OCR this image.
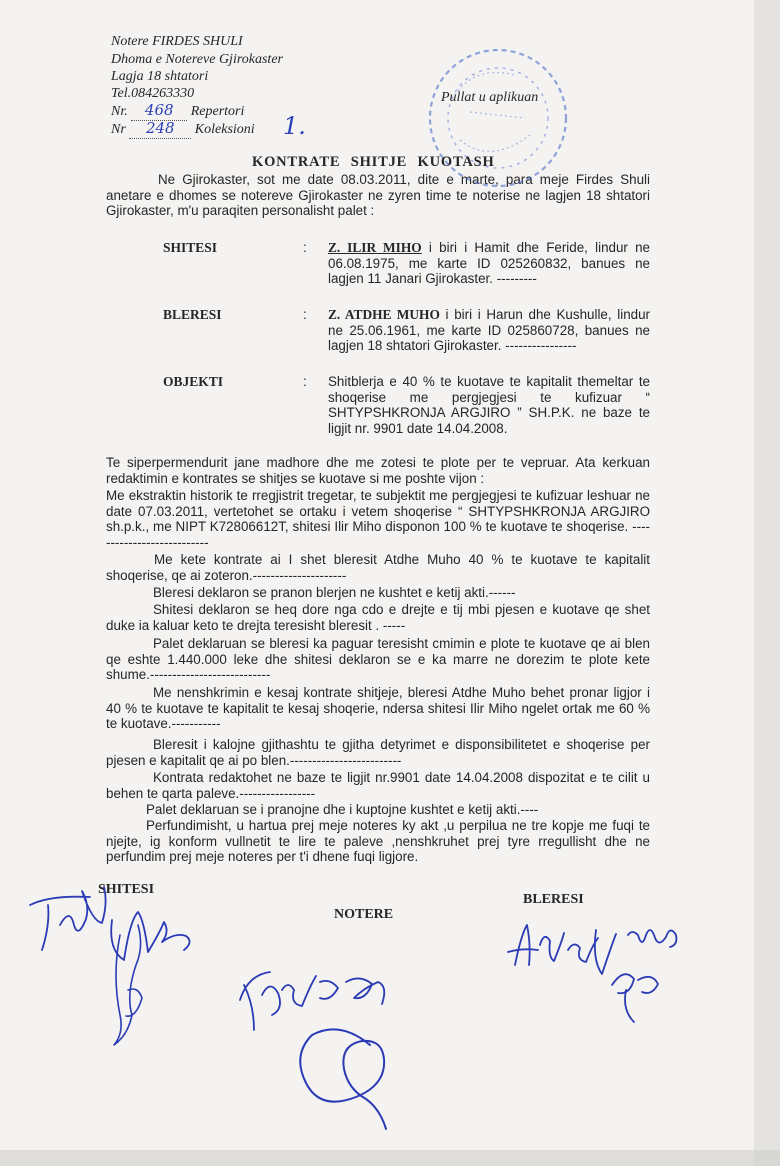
Notere FIRDES SHULI
Dhoma e Notereve Gjirokaster
Lagja 18 shtatori
Tel.084263330
Nr. 468 Repertori
Nr 248 Koleksioni 1.
Pullat u aplikuan
KONTRATE SHITJE KUOTASH
Ne Gjirokaster, sot me date 08.03.2011, dite e marte, para meje Firdes Shuli anetare e dhomes se notereve Gjirokaster ne zyren time te noterise ne lagjen 18 shtatori Gjirokaster, m'u paraqiten personalisht palet :
SHITESI	: Z. ILIR MIHO i biri i Hamit dhe Feride, lindur ne 06.08.1975, me karte ID 025260832, banues ne lagjen 11 Janari Gjirokaster. ---------
BLERESI	: Z. ATDHE MUHO i biri i Harun dhe Kushulle, lindur ne 25.06.1961, me karte ID 025860728, banues ne lagjen 18 shtatori Gjirokaster. ----------------
OBJEKTI	: Shitblerja e 40 % te kuotave te kapitalit themeltar te shoqerise me pergjegjesi te kufizuar “ SHTYPSHKRONJA ARGJIRO ” SH.P.K. ne baze te ligjit nr. 9901 date 14.04.2008.
Te siperpermendurit jane madhore dhe me zotesi te plote per te vepruar. Ata kerkuan redaktimin e kontrates se shitjes se kuotave si me poshte vijon :
Me ekstraktin historik te rregjistrit tregetar, te subjektit me pergjegjesi te kufizuar leshuar ne date 07.03.2011, vertetohet se ortaku i vetem shoqerise “ SHTYPSHKRONJA ARGJIRO sh.p.k., me NIPT K72806612T, shitesi Ilir Miho disponon 100 % te kuotave te shoqerise. ---------------------------
Me kete kontrate ai I shet bleresit Atdhe Muho 40 % te kuotave te kapitalit shoqerise, qe ai zoteron.---------------------
Bleresi deklaron se pranon blerjen ne kushtet e ketij akti.------
Shitesi deklaron se heq dore nga cdo e drejte e tij mbi pjesen e kuotave qe shet duke ia kaluar keto te drejta teresisht bleresit . -----
Palet deklaruan se bleresi ka paguar teresisht cmimin e plote te kuotave qe ai blen qe eshte 1.440.000 leke dhe shitesi deklaron se e ka marre ne dorezim te plote kete shume.---------------------------
Me nenshkrimin e kesaj kontrate shitjeje, bleresi Atdhe Muho behet pronar ligjor i 40 % te kuotave te kapitalit te kesaj shoqerie, ndersa shitesi Ilir Miho ngelet ortak me 60 % te kuotave.-----------
Bleresit i kalojne gjithashtu te gjitha detyrimet e disponsibilitetet e shoqerise per pjesen e kapitalit qe ai po blen.-------------------------
Kontrata redaktohet ne baze te ligjit nr.9901 date 14.04.2008 dispozitat e te cilit u behen te qarta paleve.-----------------
Palet deklaruan se i pranojne dhe i kuptojne kushtet e ketij akti.----
Perfundimisht, u hartua prej meje noteres ky akt ,u perpilua ne tre kopje me fuqi te njejte, ig konform vullnetit te lire te paleve ,nenshkruhet prej tyre rregullisht dhe ne perfundim prej meje noteres per t'i dhene fuqi ligjore.
SHITESI
NOTERE
BLERESI
